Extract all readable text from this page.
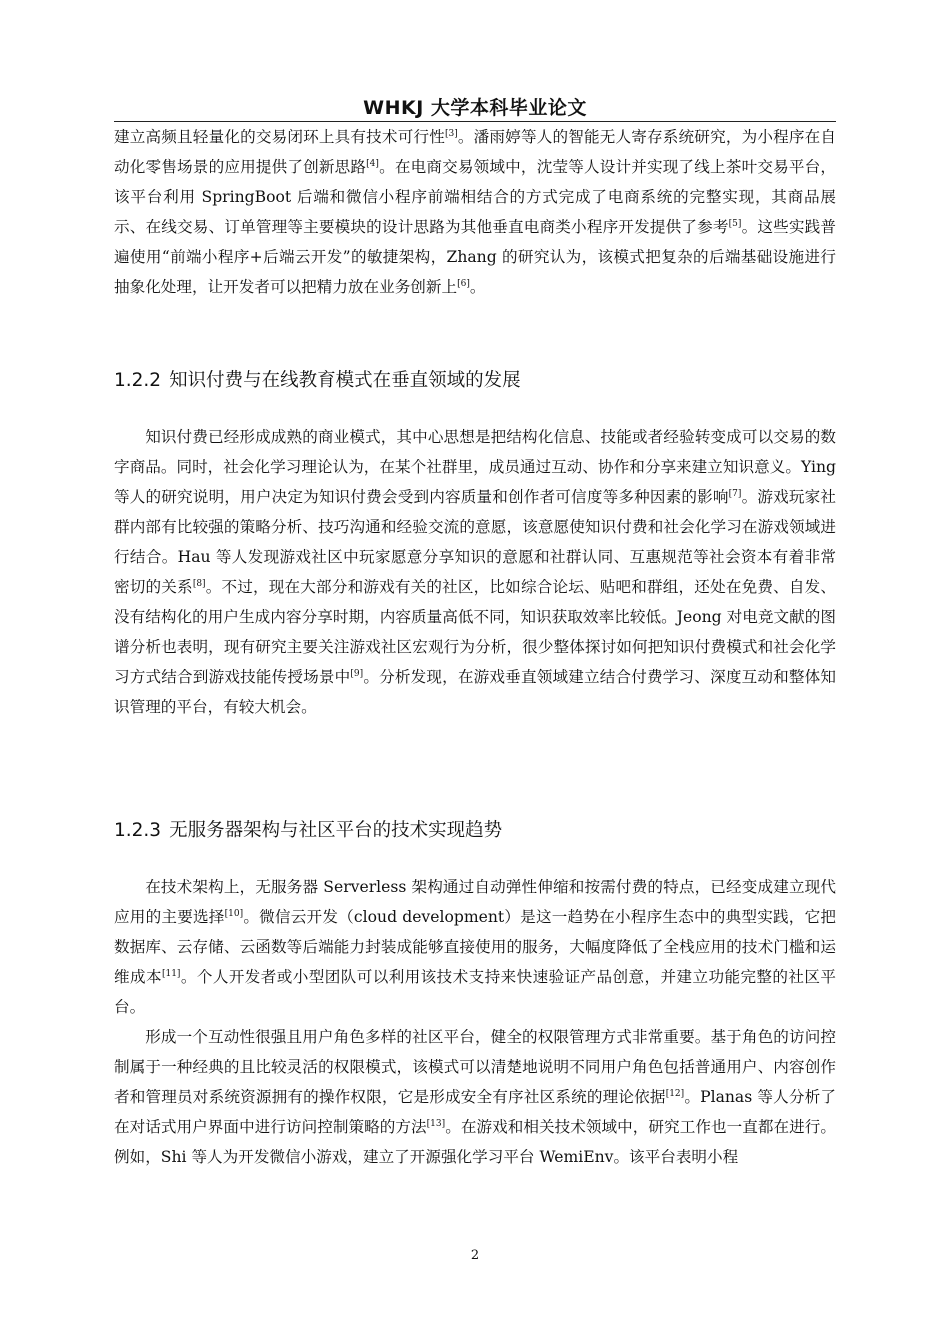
WHKJ 大学本科毕业论文

建立高频且轻量化的交易闭环上具有技术可行性[3]。潘雨婷等人的智能无人寄存系统研究，为小程序在自动化零售场景的应用提供了创新思路[4]。在电商交易领域中，沈莹等人设计并实现了线上茶叶交易平台，该平台利用 SpringBoot 后端和微信小程序前端相结合的方式完成了电商系统的完整实现，其商品展示、在线交易、订单管理等主要模块的设计思路为其他垂直电商类小程序开发提供了参考[5]。这些实践普遍使用“前端小程序+后端云开发”的敏捷架构，Zhang 的研究认为，该模式把复杂的后端基础设施进行抽象化处理，让开发者可以把精力放在业务创新上[6]。

1.2.2 知识付费与在线教育模式在垂直领域的发展

知识付费已经形成成熟的商业模式，其中心思想是把结构化信息、技能或者经验转变成可以交易的数字商品。同时，社会化学习理论认为，在某个社群里，成员通过互动、协作和分享来建立知识意义。Ying 等人的研究说明，用户决定为知识付费会受到内容质量和创作者可信度等多种因素的影响[7]。游戏玩家社群内部有比较强的策略分析、技巧沟通和经验交流的意愿，该意愿使知识付费和社会化学习在游戏领域进行结合。Hau 等人发现游戏社区中玩家愿意分享知识的意愿和社群认同、互惠规范等社会资本有着非常密切的关系[8]。不过，现在大部分和游戏有关的社区，比如综合论坛、贴吧和群组，还处在免费、自发、没有结构化的用户生成内容分享时期，内容质量高低不同，知识获取效率比较低。Jeong 对电竞文献的图谱分析也表明，现有研究主要关注游戏社区宏观行为分析，很少整体探讨如何把知识付费模式和社会化学习方式结合到游戏技能传授场景中[9]。分析发现，在游戏垂直领域建立结合付费学习、深度互动和整体知识管理的平台，有较大机会。

1.2.3 无服务器架构与社区平台的技术实现趋势

在技术架构上，无服务器 Serverless 架构通过自动弹性伸缩和按需付费的特点，已经变成建立现代应用的主要选择[10]。微信云开发（cloud development）是这一趋势在小程序生态中的典型实践，它把数据库、云存储、云函数等后端能力封装成能够直接使用的服务，大幅度降低了全栈应用的技术门槛和运维成本[11]。个人开发者或小型团队可以利用该技术支持来快速验证产品创意，并建立功能完整的社区平台。

形成一个互动性很强且用户角色多样的社区平台，健全的权限管理方式非常重要。基于角色的访问控制属于一种经典的且比较灵活的权限模式，该模式可以清楚地说明不同用户角色包括普通用户、内容创作者和管理员对系统资源拥有的操作权限，它是形成安全有序社区系统的理论依据[12]。Planas 等人分析了在对话式用户界面中进行访问控制策略的方法[13]。在游戏和相关技术领域中，研究工作也一直都在进行。例如，Shi 等人为开发微信小游戏，建立了开源强化学习平台 WemiEnv。该平台表明小程

2
